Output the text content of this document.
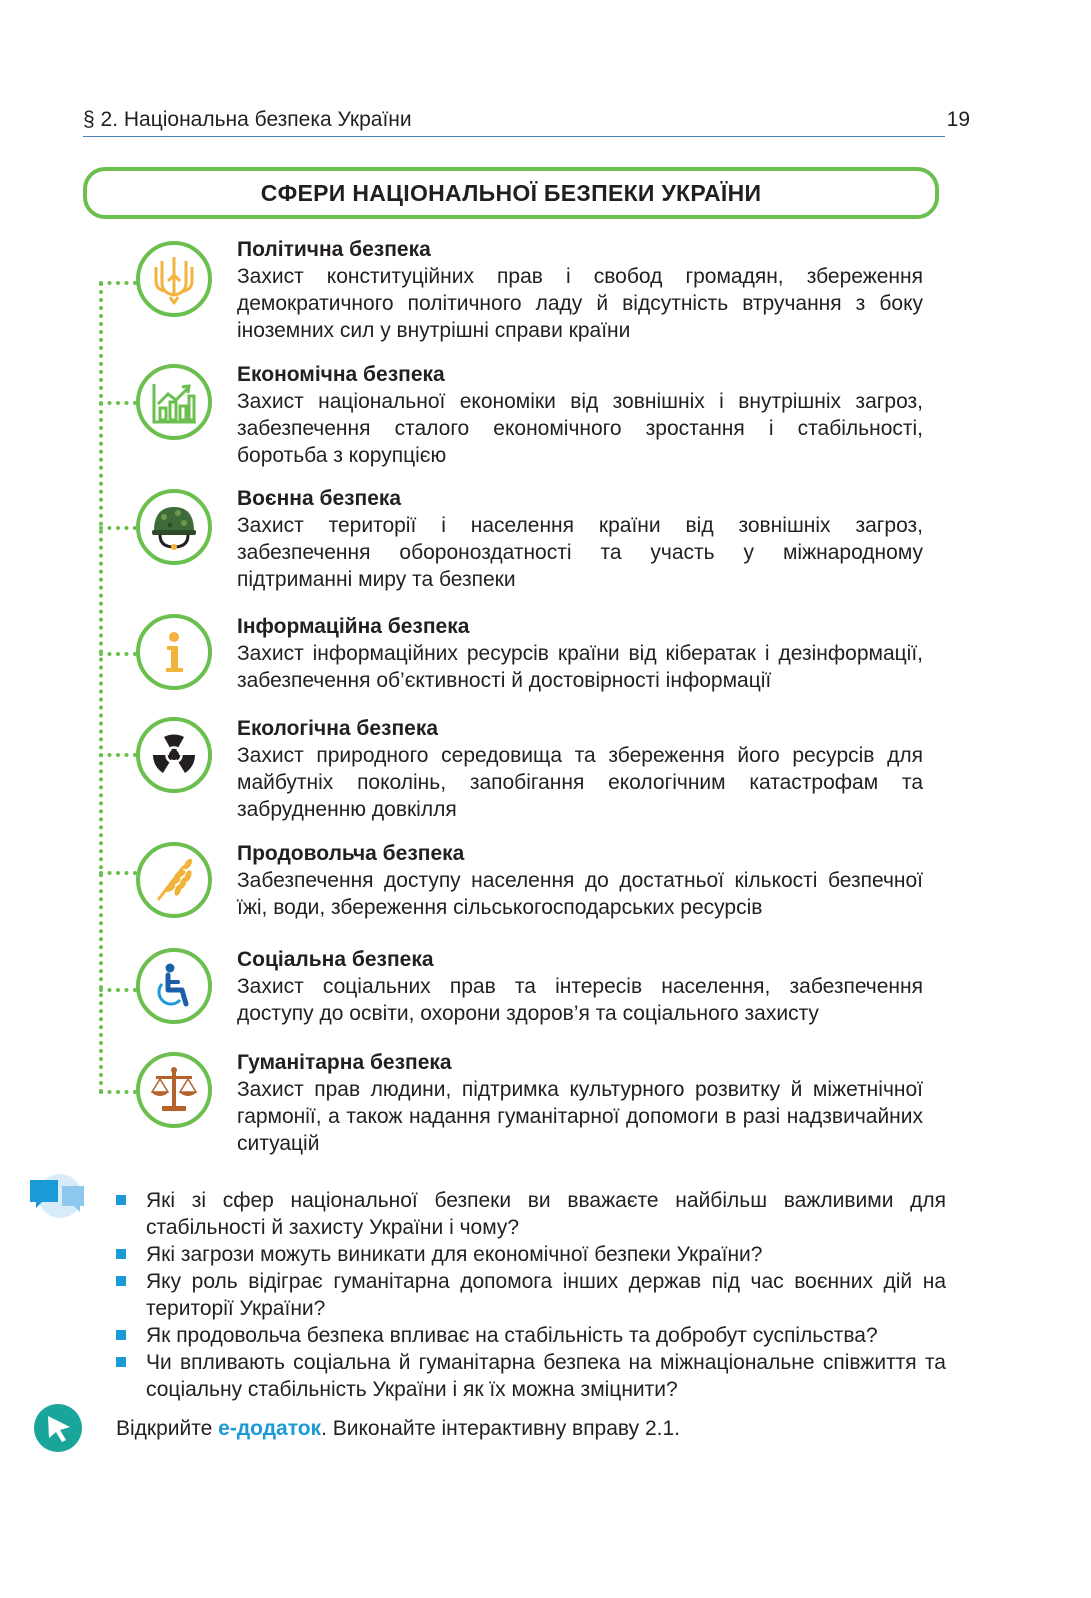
§ 2. Національна безпека України	19
СФЕРИ НАЦІОНАЛЬНОЇ БЕЗПЕКИ УКРАЇНИ
Політична безпека
Захист конституційних прав і свобод громадян, збереження демократичного політичного ладу й відсутність втручання з боку іноземних сил у внутрішні справи країни
Економічна безпека
Захист національної економіки від зовнішніх і внутрішніх загроз, забезпечення сталого економічного зростання і стабільності, боротьба з корупцією
Воєнна безпека
Захист території і населення країни від зовнішніх загроз, забезпечення обороноздатності та участь у міжнародному підтриманні миру та безпеки
Інформаційна безпека
Захист інформаційних ресурсів країни від кібератак і дезінформації, забезпечення об’єктивності й достовірності інформації
Екологічна безпека
Захист природного середовища та збереження його ресурсів для майбутніх поколінь, запобігання екологічним катастрофам та забрудненню довкілля
Продовольча безпека
Забезпечення доступу населення до достатньої кількості безпечної їжі, води, збереження сільськогосподарських ресурсів
Соціальна безпека
Захист соціальних прав та інтересів населення, забезпечення доступу до освіти, охорони здоров’я та соціального захисту
Гуманітарна безпека
Захист прав людини, підтримка культурного розвитку й міжетнічної гармонії, а також надання гуманітарної допомоги в разі надзвичайних ситуацій
Які зі сфер національної безпеки ви вважаєте найбільш важливими для стабільності й захисту України і чому?
Які загрози можуть виникати для економічної безпеки України?
Яку роль відіграє гуманітарна допомога інших держав під час воєнних дій на території України?
Як продовольча безпека впливає на стабільність та добробут суспільства?
Чи впливають соціальна й гуманітарна безпека на міжнаціональне співжиття та соціальну стабільність України і як їх можна зміцнити?
Відкрийте е-додаток. Виконайте інтерактивну вправу 2.1.
